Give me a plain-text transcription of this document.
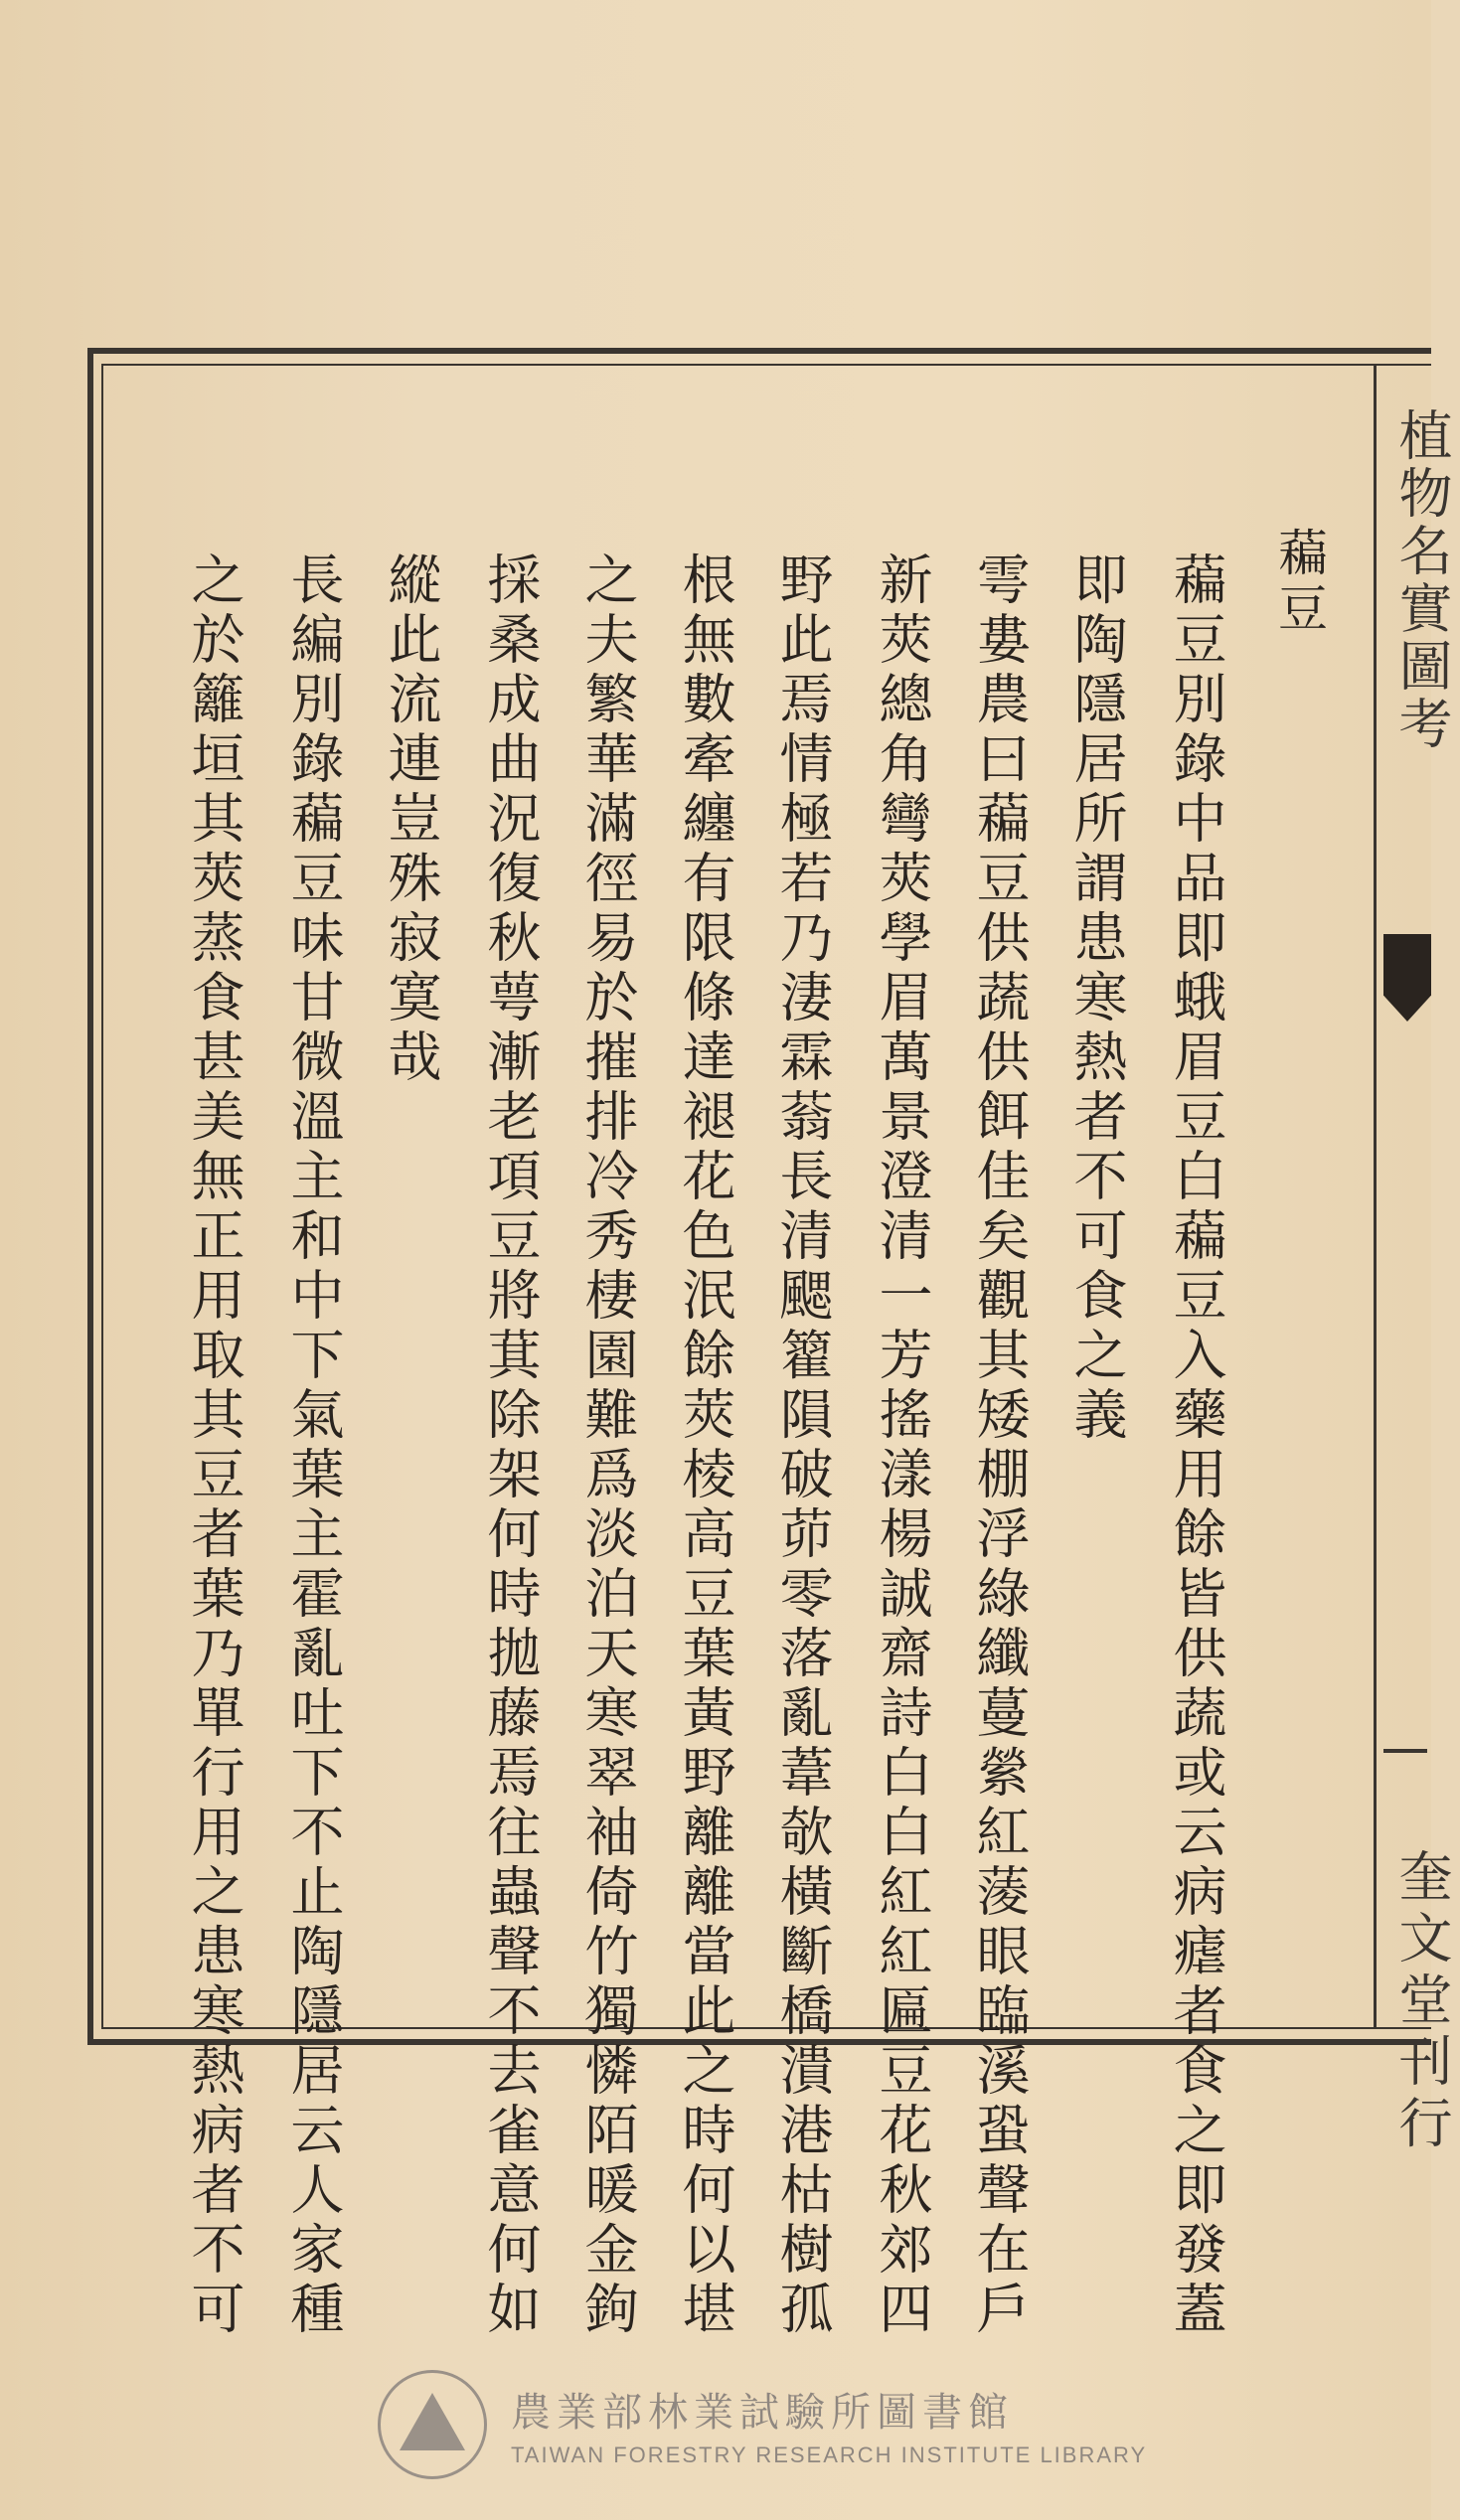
植物名實圖考
奎文堂刊行
藊豆
藊豆別錄中品即蛾眉豆白藊豆入藥用餘皆供蔬或云病瘧者食之即發蓋
即陶隱居所謂患寒熱者不可食之義
雩婁農曰藊豆供蔬供餌佳矣觀其矮棚浮綠纖蔓縈紅蔆眼臨溪蛩聲在戶
新莢總角彎莢學眉萬景澄清一芳搖漾楊誠齋詩白白紅紅匾豆花秋郊四
野此焉情極若乃淒霖蓊長清颸籊隕破茆零落亂葦欹橫斷橋潰港枯樹孤
根無數牽纏有限條達褪花色泯餘莢棱高豆葉黃野離離當此之時何以堪
之夫繁華滿徑易於摧排冷秀棲園難爲淡泊天寒翠袖倚竹獨憐陌暖金鉤
採桑成曲況復秋萼漸老項豆將萁除架何時拋藤焉往蟲聲不去雀意何如
縱此流連豈殊寂寞哉
長編別錄藊豆味甘微溫主和中下氣葉主霍亂吐下不止陶隱居云人家種
之於籬垣其莢蒸食甚美無正用取其豆者葉乃單行用之患寒熱病者不可
農業部林業試驗所圖書館
TAIWAN FORESTRY RESEARCH INSTITUTE LIBRARY
